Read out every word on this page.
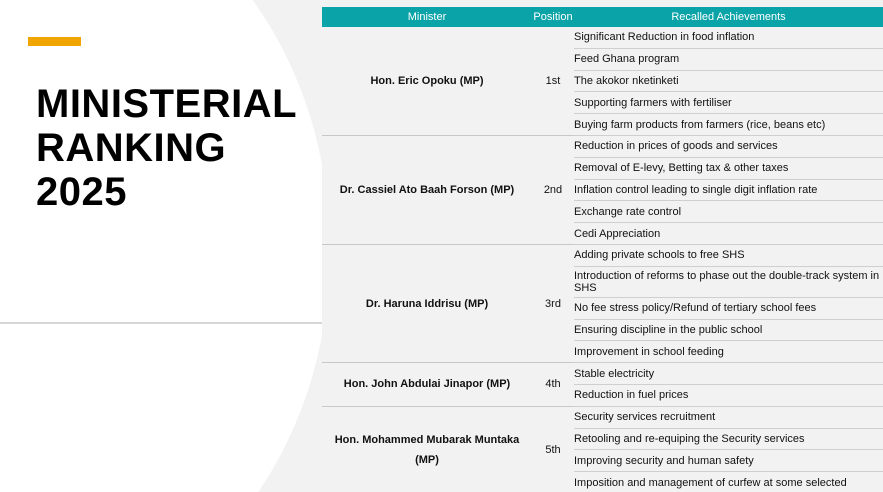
MINISTERIAL
RANKING
2025
Minister	Position	Recalled Achievements
Hon. Eric Opoku (MP)	1st	Significant Reduction in food inflation
		Feed Ghana program
		The akokor nketinketi
		Supporting farmers with fertiliser
		Buying farm products from farmers (rice, beans etc)
Dr. Cassiel Ato Baah Forson (MP)	2nd	Reduction in prices of goods and services
		Removal of E-levy, Betting tax & other taxes
		Inflation control leading to single digit inflation rate
		Exchange rate control
		Cedi Appreciation
Dr. Haruna Iddrisu (MP)	3rd	Adding private schools to free SHS
		Introduction of reforms to phase out the double-track system in SHS
		No fee stress policy/Refund of tertiary school fees
		Ensuring discipline in the public school
		Improvement in school feeding
Hon. John Abdulai Jinapor (MP)	4th	Stable electricity
		Reduction in fuel prices
Hon. Mohammed Mubarak Muntaka (MP)	5th	Security services recruitment
		Retooling and re-equiping the Security services
		Improving security and human safety
		Imposition and management of curfew at some selected
